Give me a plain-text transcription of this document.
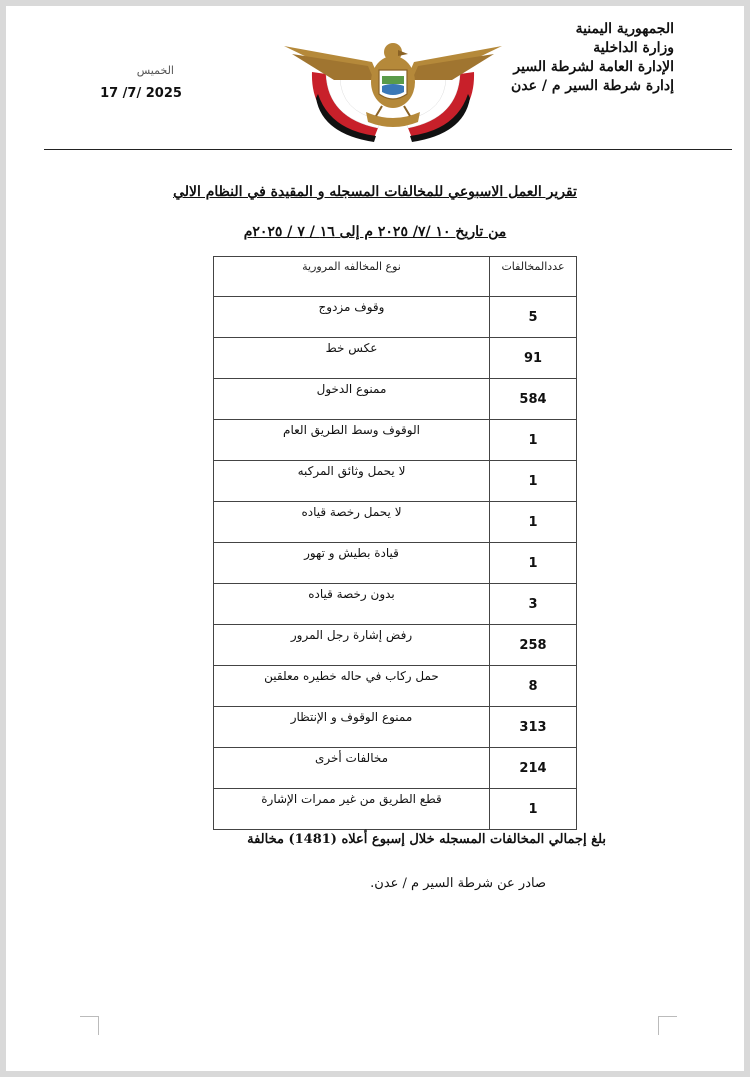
الجمهورية اليمنية
وزارة الداخلية
الإدارة العامة لشرطة السير
إدارة شرطة السير م / عدن
الخميس
17 /7/ 2025
تقرير العمل الاسبوعي للمخالفات المسجله و المقيدة في النظام الالي
من تاريخ ١٠ /٧/ ٢٠٢٥ م إلى ١٦ / ٧ / ٢٠٢٥م
عددالمخالفات	نوع المخالفه المرورية
5	وقوف مزدوج
91	عكس خط
584	ممنوع الدخول
1	الوقوف وسط الطريق العام
1	لا يحمل وثائق المركبه
1	لا يحمل رخصة قياده
1	قيادة بطيش و تهور
3	بدون رخصة قياده
258	رفض إشارة رجل المرور
8	حمل ركاب في حاله خطيره معلقين
313	ممنوع الوقوف و الإنتظار
214	مخالفات أخرى
1	قطع الطريق من غير ممرات الإشارة
بلغ إجمالي المخالفات المسجله خلال إسبوع أعلاه (1481) مخالفة
صادر عن شرطة السير م / عدن.
